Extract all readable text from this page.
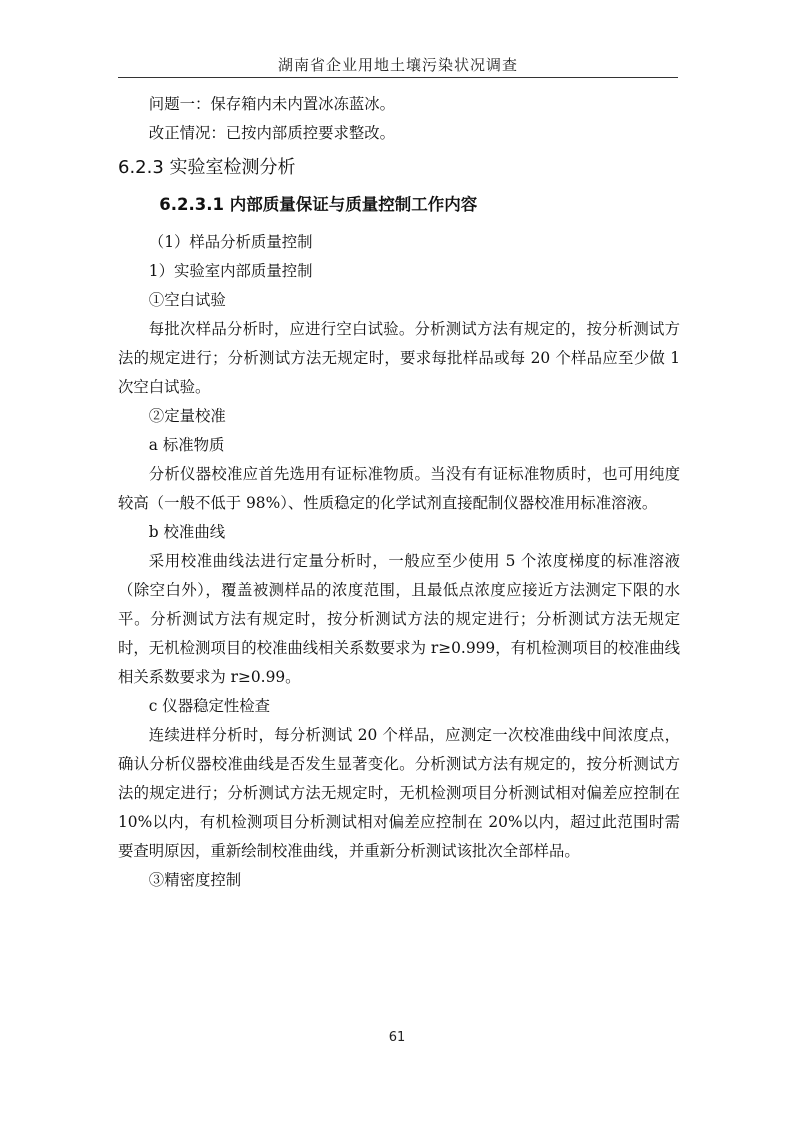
湖南省企业用地土壤污染状况调查

问题一：保存箱内未内置冰冻蓝冰。

改正情况：已按内部质控要求整改。

6.2.3 实验室检测分析
6.2.3.1 内部质量保证与质量控制工作内容

（1）样品分析质量控制

1）实验室内部质量控制

①空白试验

每批次样品分析时，应进行空白试验。分析测试方法有规定的，按分析测试方法的规定进行；分析测试方法无规定时，要求每批样品或每 20 个样品应至少做 1 次空白试验。

②定量校准

a 标准物质

分析仪器校准应首先选用有证标准物质。当没有有证标准物质时，也可用纯度较高（一般不低于 98%）、性质稳定的化学试剂直接配制仪器校准用标准溶液。

b 校准曲线

采用校准曲线法进行定量分析时，一般应至少使用 5 个浓度梯度的标准溶液（除空白外），覆盖被测样品的浓度范围，且最低点浓度应接近方法测定下限的水平。分析测试方法有规定时，按分析测试方法的规定进行；分析测试方法无规定时，无机检测项目的校准曲线相关系数要求为 r≥0.999，有机检测项目的校准曲线相关系数要求为 r≥0.99。

c 仪器稳定性检查

连续进样分析时，每分析测试 20 个样品，应测定一次校准曲线中间浓度点，确认分析仪器校准曲线是否发生显著变化。分析测试方法有规定的，按分析测试方法的规定进行；分析测试方法无规定时，无机检测项目分析测试相对偏差应控制在 10%以内，有机检测项目分析测试相对偏差应控制在 20%以内，超过此范围时需要查明原因，重新绘制校准曲线，并重新分析测试该批次全部样品。

③精密度控制

61
